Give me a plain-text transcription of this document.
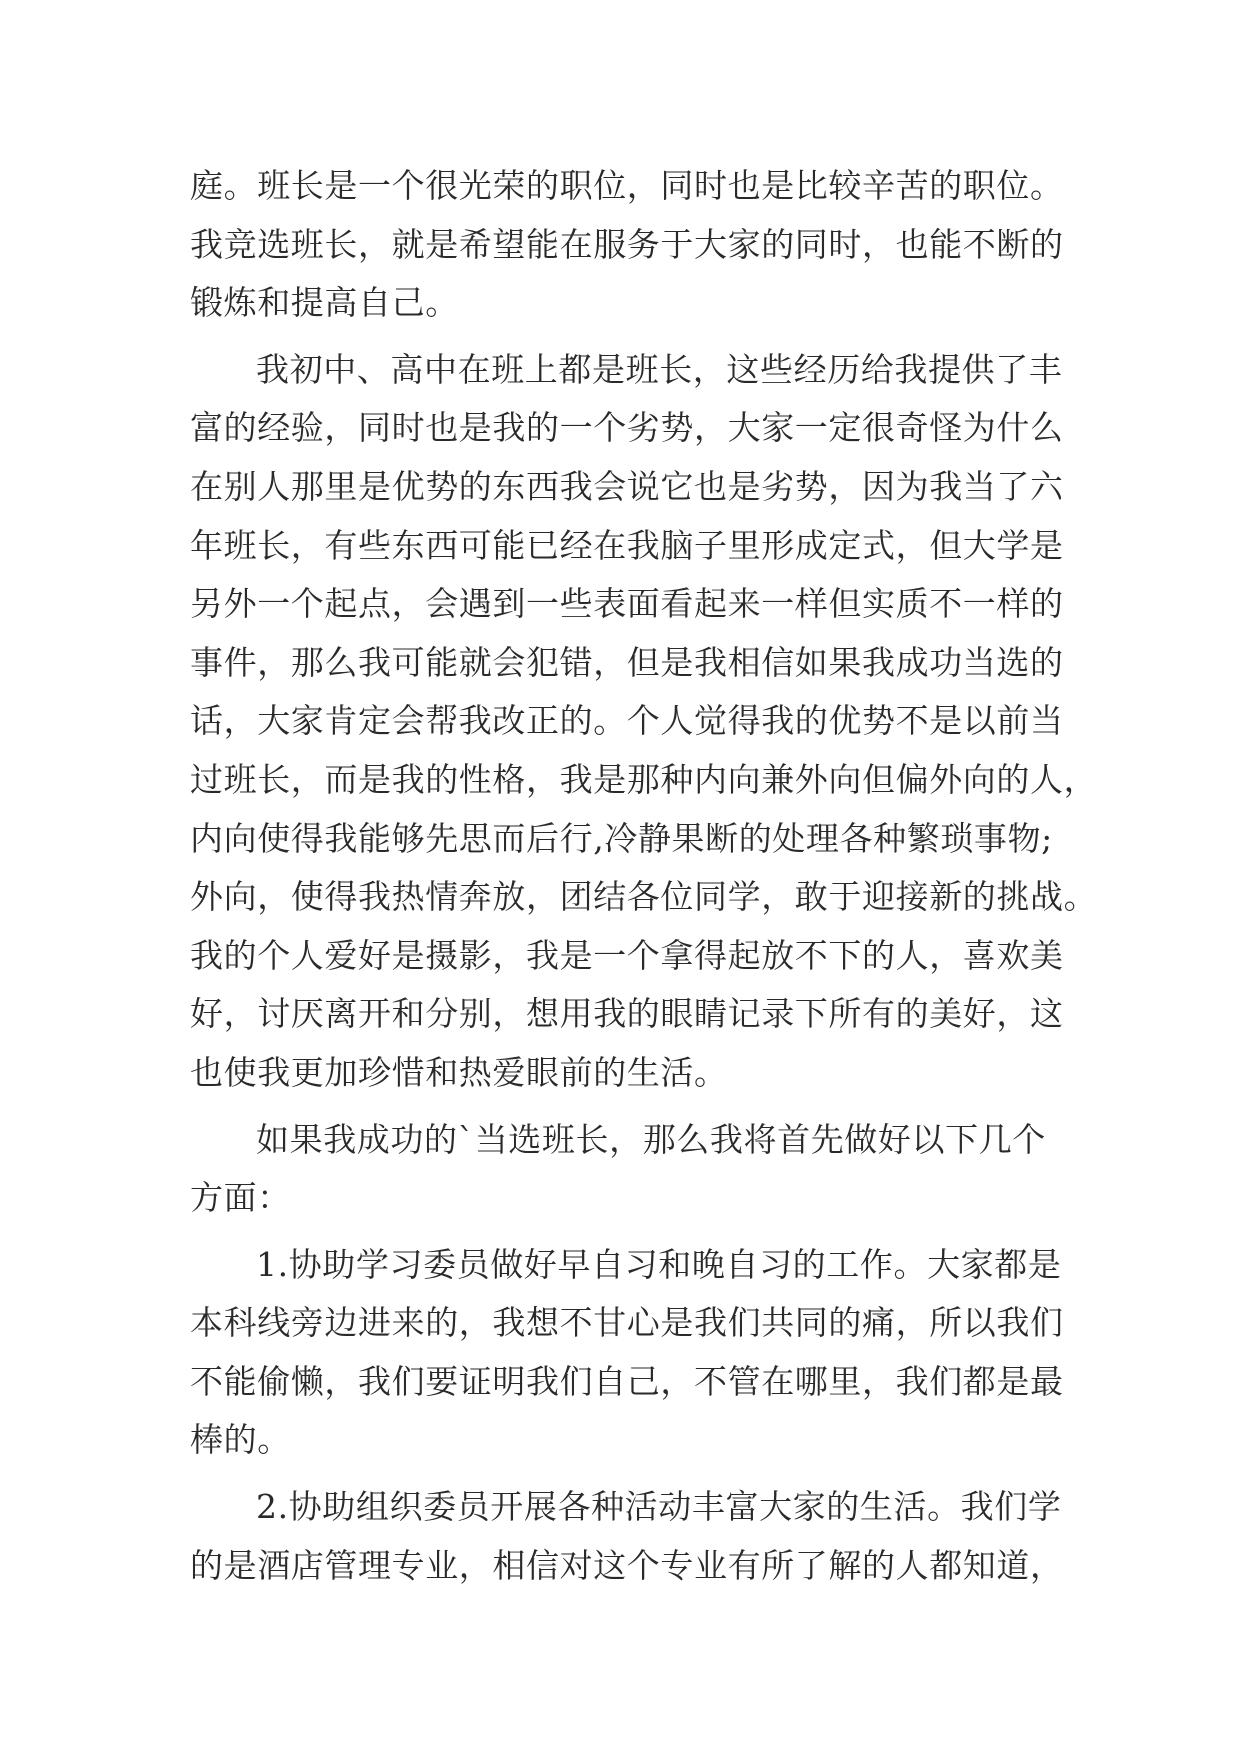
庭。班长是一个很光荣的职位，同时也是比较辛苦的职位。
我竞选班长，就是希望能在服务于大家的同时，也能不断的
锻炼和提高自己。
我初中、高中在班上都是班长，这些经历给我提供了丰
富的经验，同时也是我的一个劣势，大家一定很奇怪为什么
在别人那里是优势的东西我会说它也是劣势，因为我当了六
年班长，有些东西可能已经在我脑子里形成定式，但大学是
另外一个起点，会遇到一些表面看起来一样但实质不一样的
事件，那么我可能就会犯错，但是我相信如果我成功当选的
话，大家肯定会帮我改正的。个人觉得我的优势不是以前当
过班长，而是我的性格，我是那种内向兼外向但偏外向的人，
内向使得我能够先思而后行,冷静果断的处理各种繁琐事物;
外向，使得我热情奔放，团结各位同学，敢于迎接新的挑战。
我的个人爱好是摄影，我是一个拿得起放不下的人，喜欢美
好，讨厌离开和分别，想用我的眼睛记录下所有的美好，这
也使我更加珍惜和热爱眼前的生活。
如果我成功的`当选班长，那么我将首先做好以下几个
方面：
1.协助学习委员做好早自习和晚自习的工作。大家都是
本科线旁边进来的，我想不甘心是我们共同的痛，所以我们
不能偷懒，我们要证明我们自己，不管在哪里，我们都是最
棒的。
2.协助组织委员开展各种活动丰富大家的生活。我们学
的是酒店管理专业，相信对这个专业有所了解的人都知道，
